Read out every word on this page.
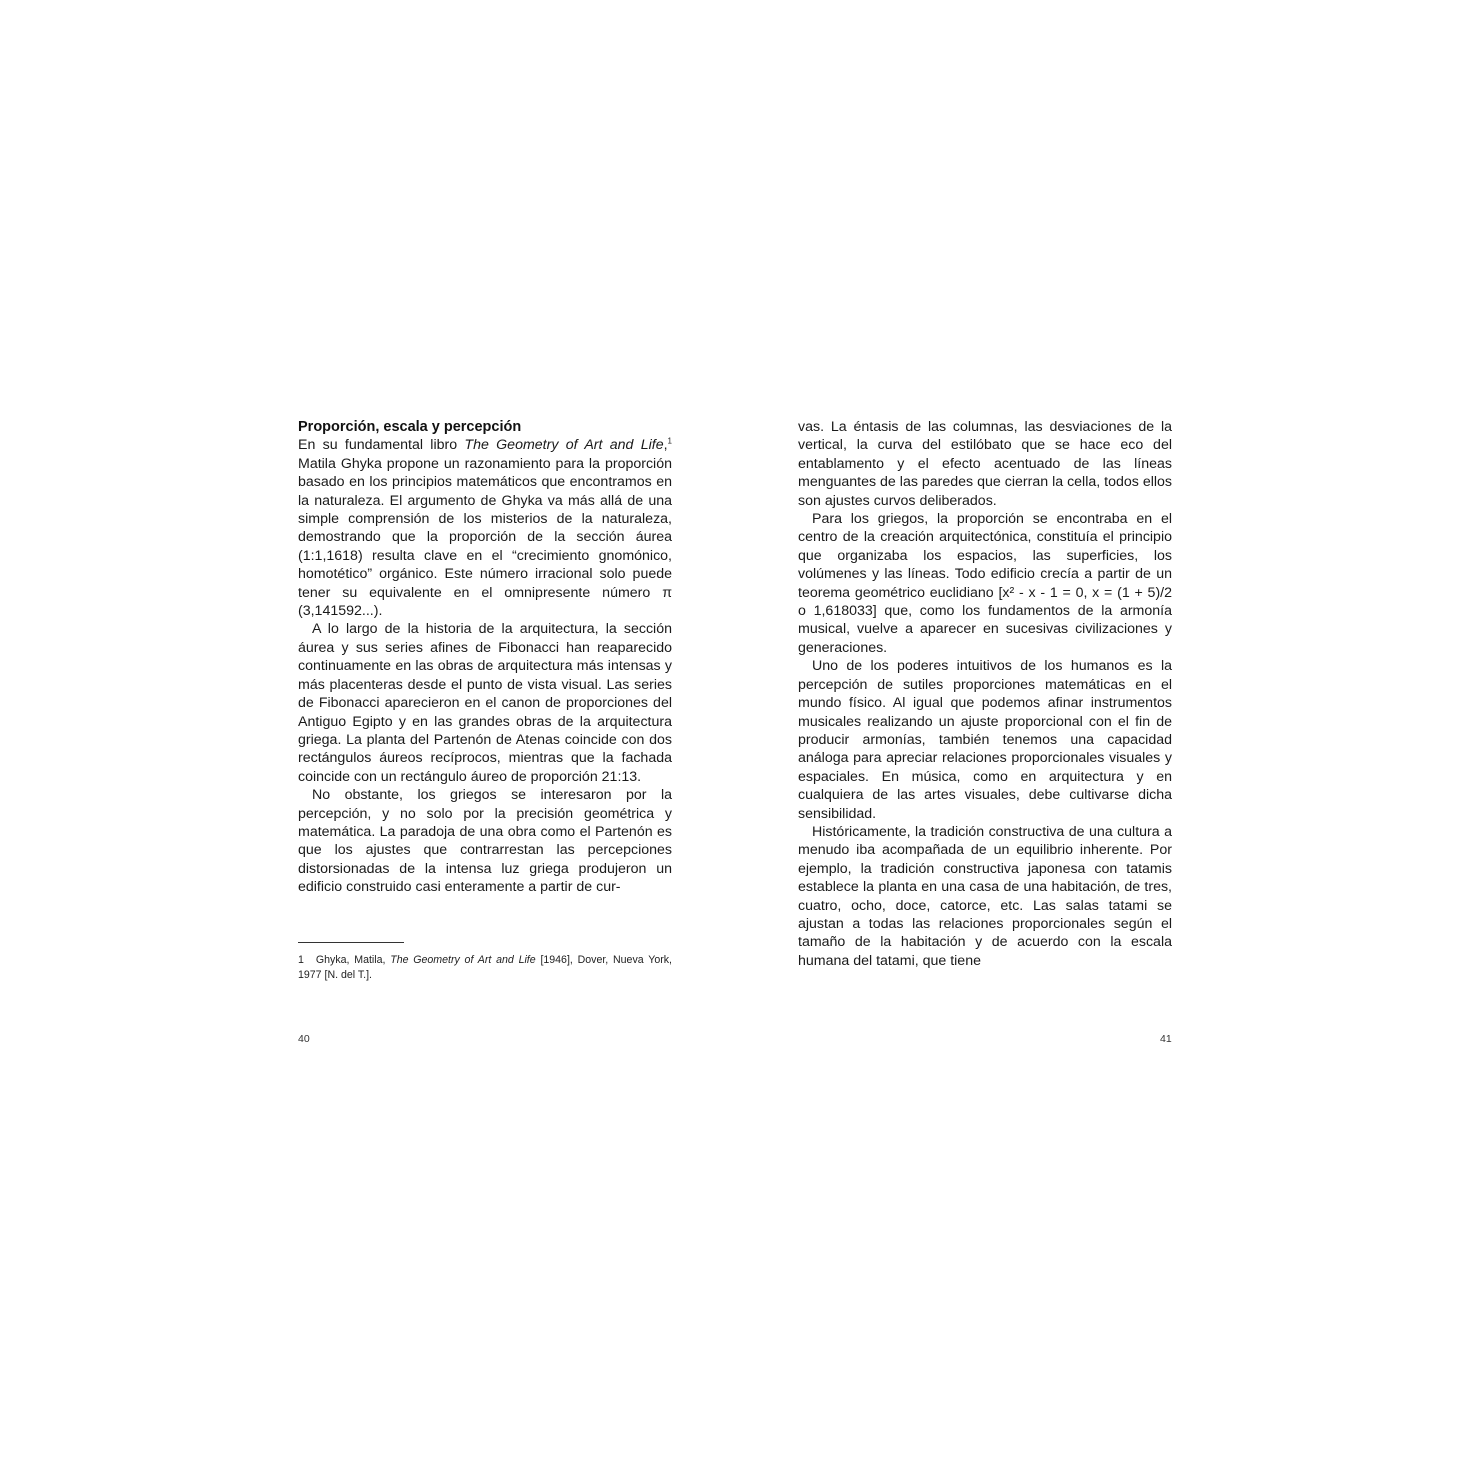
Proporción, escala y percepción

En su fundamental libro The Geometry of Art and Life,$^1$ Matila Ghyka propone un razonamiento para la proporción basado en los principios matemáticos que encontramos en la naturaleza. El argumento de Ghyka va más allá de una simple comprensión de los misterios de la naturaleza, demostrando que la proporción de la sección áurea (1:1,1618) resulta clave en el “crecimiento gnomónico, homotético” orgánico. Este número irracional solo puede tener su equivalente en el omnipresente número π (3,141592...).

A lo largo de la historia de la arquitectura, la sección áurea y sus series afines de Fibonacci han reaparecido continuamente en las obras de arquitectura más intensas y más placenteras desde el punto de vista visual. Las series de Fibonacci aparecieron en el canon de proporciones del Antiguo Egipto y en las grandes obras de la arquitectura griega. La planta del Partenón de Atenas coincide con dos rectángulos áureos recíprocos, mientras que la fachada coincide con un rectángulo áureo de proporción 21:13.

No obstante, los griegos se interesaron por la percepción, y no solo por la precisión geométrica y matemática. La paradoja de una obra como el Partenón es que los ajustes que contrarrestan las percepciones distorsionadas de la intensa luz griega produjeron un edificio construido casi enteramente a partir de cur-

1 Ghyka, Matila, The Geometry of Art and Life [1946], Dover, Nueva York, 1977 [N. del T.].

vas. La éntasis de las columnas, las desviaciones de la vertical, la curva del estilóbato que se hace eco del entablamento y el efecto acentuado de las líneas menguantes de las paredes que cierran la cella, todos ellos son ajustes curvos deliberados.

Para los griegos, la proporción se encontraba en el centro de la creación arquitectónica, constituía el principio que organizaba los espacios, las superficies, los volúmenes y las líneas. Todo edificio crecía a partir de un teorema geométrico euclidiano [x² - x - 1 = 0, x = (1 + 5)/2 o 1,618033] que, como los fundamentos de la armonía musical, vuelve a aparecer en sucesivas civilizaciones y generaciones.

Uno de los poderes intuitivos de los humanos es la percepción de sutiles proporciones matemáticas en el mundo físico. Al igual que podemos afinar instrumentos musicales realizando un ajuste proporcional con el fin de producir armonías, también tenemos una capacidad análoga para apreciar relaciones proporcionales visuales y espaciales. En música, como en arquitectura y en cualquiera de las artes visuales, debe cultivarse dicha sensibilidad.

Históricamente, la tradición constructiva de una cultura a menudo iba acompañada de un equilibrio inherente. Por ejemplo, la tradición constructiva japonesa con tatamis establece la planta en una casa de una habitación, de tres, cuatro, ocho, doce, catorce, etc. Las salas tatami se ajustan a todas las relaciones proporcionales según el tamaño de la habitación y de acuerdo con la escala humana del tatami, que tiene

40	41
